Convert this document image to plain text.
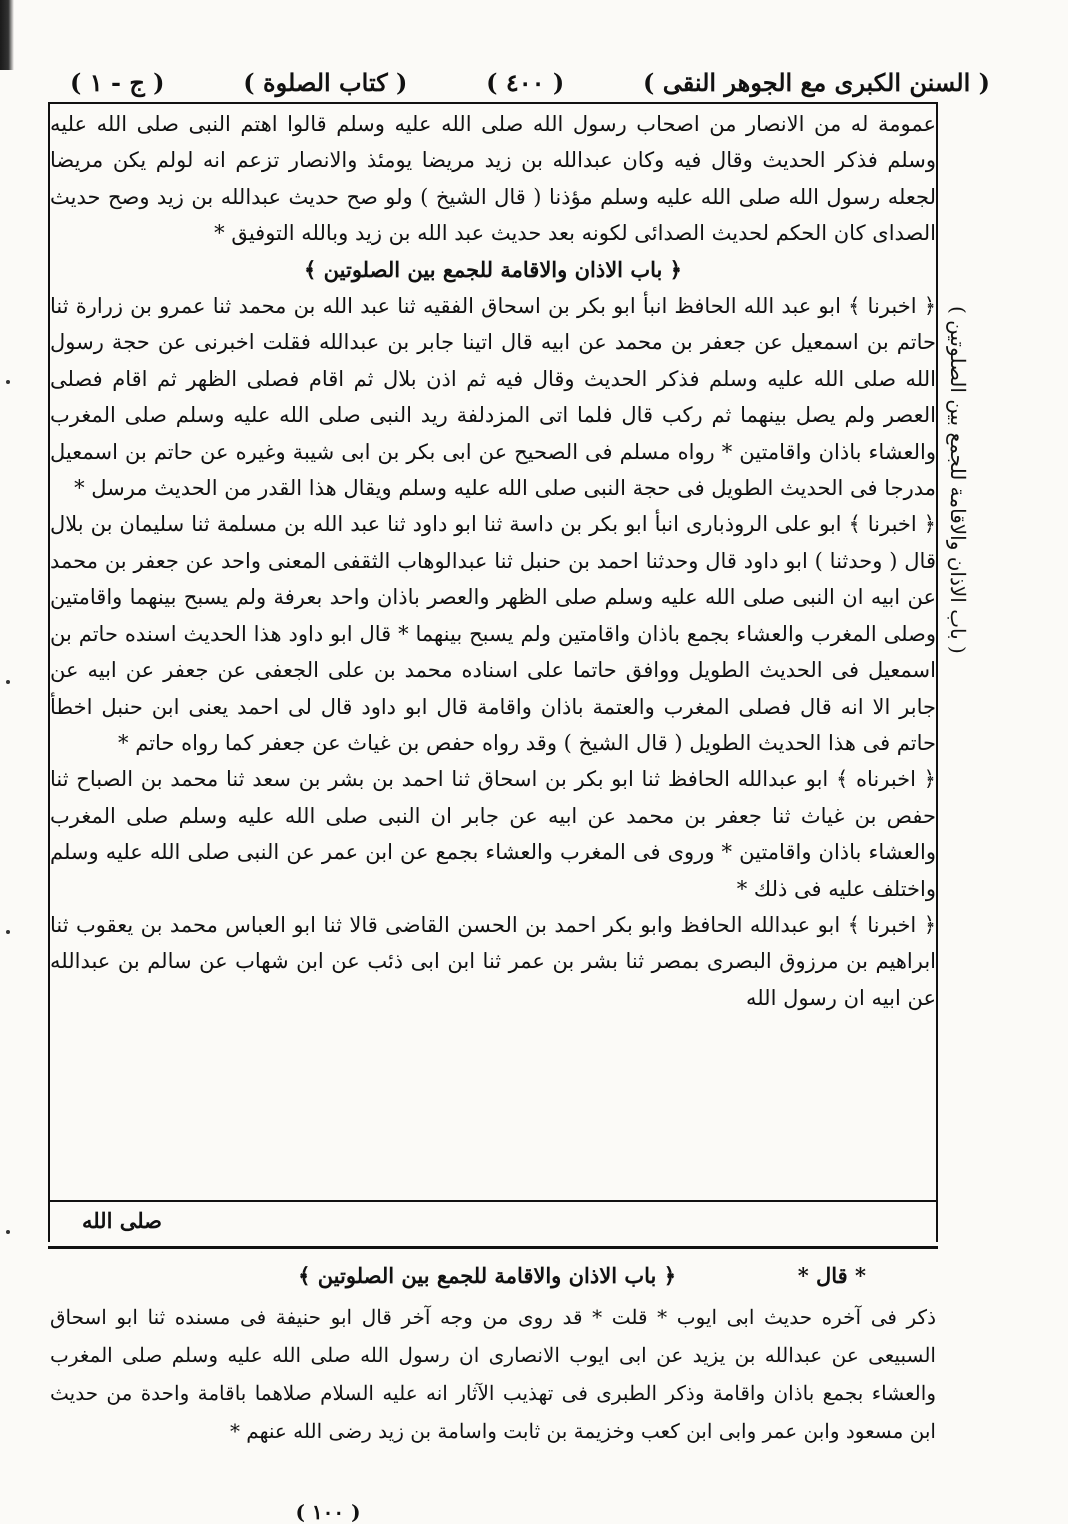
( السنن الكبرى مع الجوهر النقى )
( ٤٠٠ )
( كتاب الصلوة )
( ج - ١ )
( باب الاذان والاقامة للجمع بين الصلوتين )

عمومة له من الانصار من اصحاب رسول الله صلى الله عليه وسلم قالوا اهتم النبى صلى الله عليه وسلم فذكر الحديث وقال فيه وكان عبدالله بن زيد مريضا يومئذ والانصار تزعم انه لولم يكن مريضا لجعله رسول الله صلى الله عليه وسلم مؤذنا ( قال الشيخ ) ولو صح حديث عبدالله بن زيد وصح حديث الصداى كان الحكم لحديث الصدائى لكونه بعد حديث عبد الله بن زيد وبالله التوفيق *

﴿ باب الاذان والاقامة للجمع بين الصلوتين ﴾

﴿ اخبرنا ﴾ ابو عبد الله الحافظ انبأ ابو بكر بن اسحاق الفقيه ثنا عبد الله بن محمد ثنا عمرو بن زرارة ثنا حاتم بن اسمعيل عن جعفر بن محمد عن ابيه قال اتينا جابر بن عبدالله فقلت اخبرنى عن حجة رسول الله صلى الله عليه وسلم فذكر الحديث وقال فيه ثم اذن بلال ثم اقام فصلى الظهر ثم اقام فصلى العصر ولم يصل بينهما ثم ركب قال فلما اتى المزدلفة ريد النبى صلى الله عليه وسلم صلى المغرب والعشاء باذان واقامتين * رواه مسلم فى الصحيح عن ابى بكر بن ابى شيبة وغيره عن حاتم بن اسمعيل مدرجا فى الحديث الطويل فى حجة النبى صلى الله عليه وسلم ويقال هذا القدر من الحديث مرسل *

﴿ اخبرنا ﴾ ابو على الروذبارى انبأ ابو بكر بن داسة ثنا ابو داود ثنا عبد الله بن مسلمة ثنا سليمان بن بلال قال ( وحدثنا ) ابو داود قال وحدثنا احمد بن حنبل ثنا عبدالوهاب الثقفى المعنى واحد عن جعفر بن محمد عن ابيه ان النبى صلى الله عليه وسلم صلى الظهر والعصر باذان واحد بعرفة ولم يسبح بينهما واقامتين وصلى المغرب والعشاء بجمع باذان واقامتين ولم يسبح بينهما * قال ابو داود هذا الحديث اسنده حاتم بن اسمعيل فى الحديث الطويل ووافق حاتما على اسناده محمد بن على الجعفى عن جعفر عن ابيه عن جابر الا انه قال فصلى المغرب والعتمة باذان واقامة قال ابو داود قال لى احمد يعنى ابن حنبل اخطأ حاتم فى هذا الحديث الطويل ( قال الشيخ ) وقد رواه حفص بن غياث عن جعفر كما رواه حاتم *

﴿ اخبرناه ﴾ ابو عبدالله الحافظ ثنا ابو بكر بن اسحاق ثنا احمد بن بشر بن سعد ثنا محمد بن الصباح ثنا حفص بن غياث ثنا جعفر بن محمد عن ابيه عن جابر ان النبى صلى الله عليه وسلم صلى المغرب والعشاء باذان واقامتين * وروى فى المغرب والعشاء بجمع عن ابن عمر عن النبى صلى الله عليه وسلم واختلف عليه فى ذلك *

﴿ اخبرنا ﴾ ابو عبدالله الحافظ وابو بكر احمد بن الحسن القاضى قالا ثنا ابو العباس محمد بن يعقوب ثنا ابراهيم بن مرزوق البصرى بمصر ثنا بشر بن عمر ثنا ابن ابى ذئب عن ابن شهاب عن سالم بن عبدالله عن ابيه ان رسول الله

صلى الله
* قال *
﴿ باب الاذان والاقامة للجمع بين الصلوتين ﴾

ذكر فى آخره حديث ابى ايوب * قلت * قد روى من وجه آخر قال ابو حنيفة فى مسنده ثنا ابو اسحاق السبيعى عن عبدالله بن يزيد عن ابى ايوب الانصارى ان رسول الله صلى الله عليه وسلم صلى المغرب والعشاء بجمع باذان واقامة وذكر الطبرى فى تهذيب الآثار انه عليه السلام صلاهما باقامة واحدة من حديث ابن مسعود وابن عمر وابى ابن كعب وخزيمة بن ثابت واسامة بن زيد رضى الله عنهم *

( ١٠٠ )
